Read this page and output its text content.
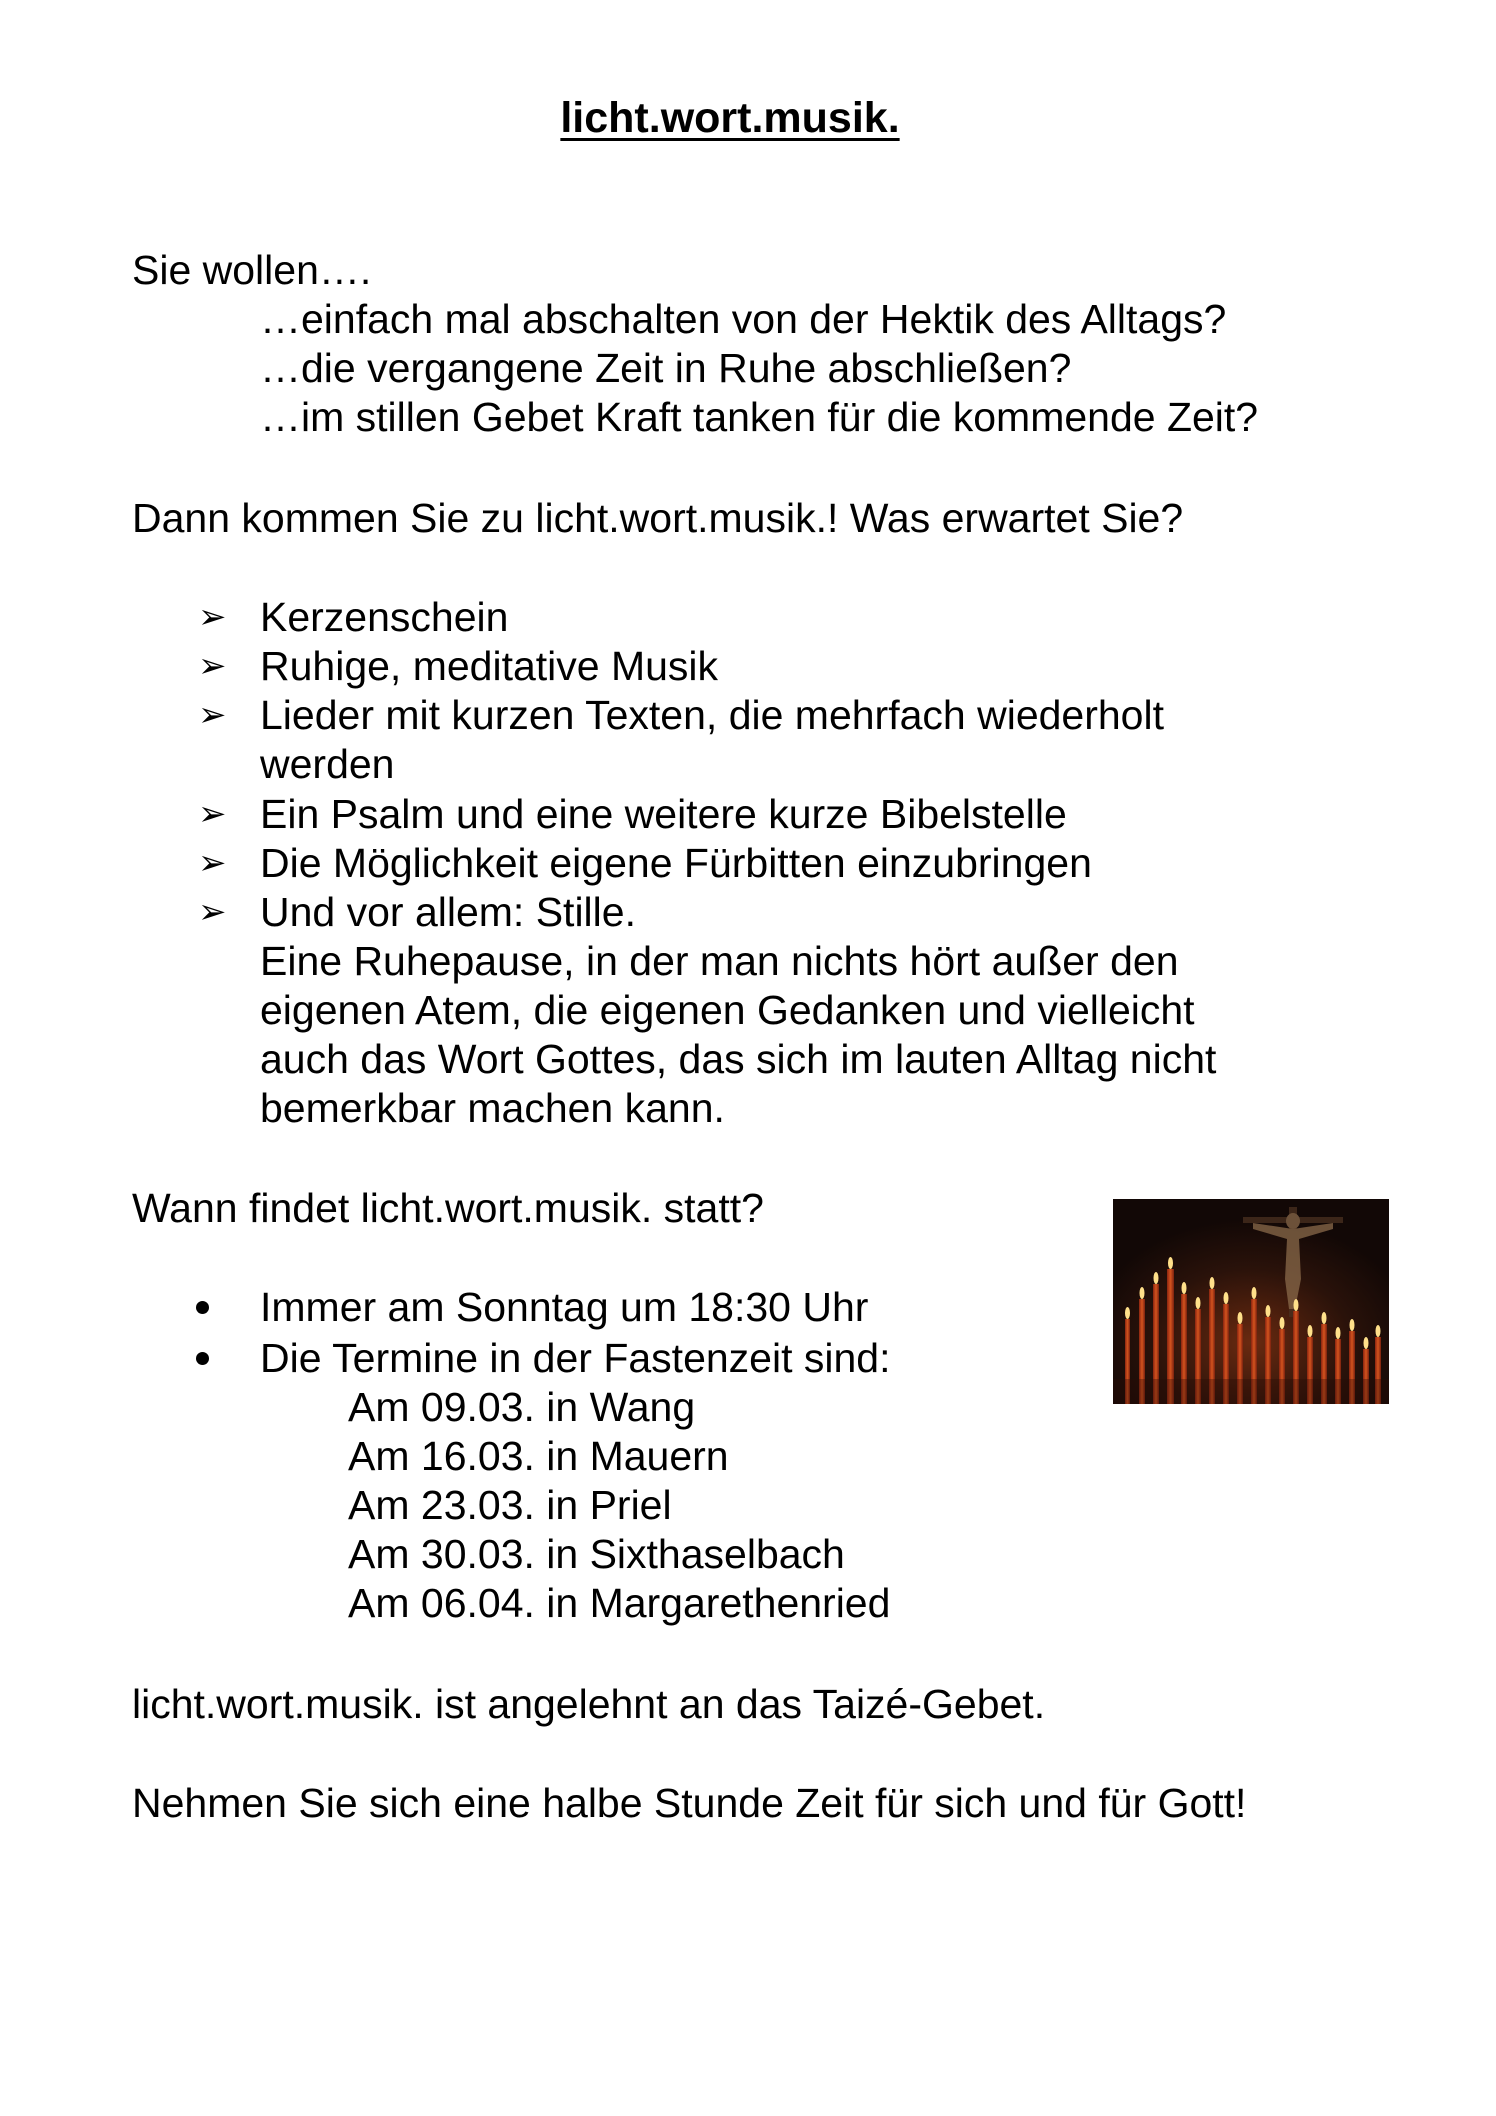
licht.wort.musik.
Sie wollen….
…einfach mal abschalten von der Hektik des Alltags?
…die vergangene Zeit in Ruhe abschließen?
…im stillen Gebet Kraft tanken für die kommende Zeit?
Dann kommen Sie zu licht.wort.musik.! Was erwartet Sie?
➢ Kerzenschein
➢ Ruhige, meditative Musik
➢ Lieder mit kurzen Texten, die mehrfach wiederholt
werden
➢ Ein Psalm und eine weitere kurze Bibelstelle
➢ Die Möglichkeit eigene Fürbitten einzubringen
➢ Und vor allem: Stille.
Eine Ruhepause, in der man nichts hört außer den
eigenen Atem, die eigenen Gedanken und vielleicht
auch das Wort Gottes, das sich im lauten Alltag nicht
bemerkbar machen kann.
Wann findet licht.wort.musik. statt?
Immer am Sonntag um 18:30 Uhr
Die Termine in der Fastenzeit sind:
Am 09.03. in Wang
Am 16.03. in Mauern
Am 23.03. in Priel
Am 30.03. in Sixthaselbach
Am 06.04. in Margarethenried
licht.wort.musik. ist angelehnt an das Taizé-Gebet.
Nehmen Sie sich eine halbe Stunde Zeit für sich und für Gott!
